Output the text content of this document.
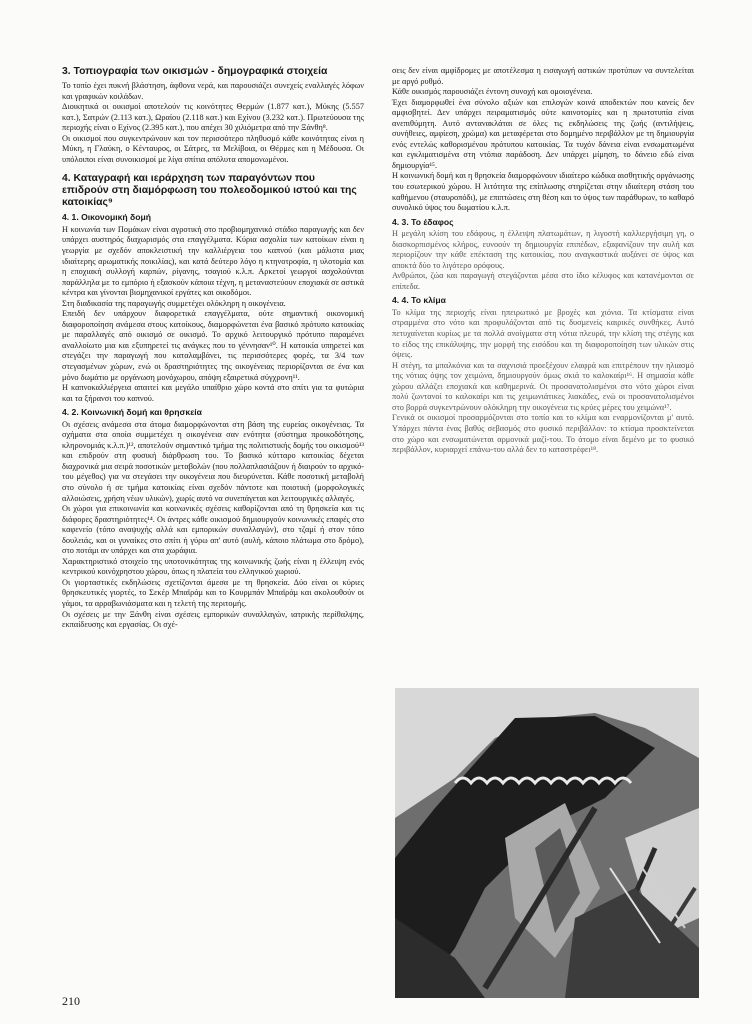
3. Τοπιογραφία των οικισμών - δημογραφικά στοιχεία

Το τοπίο έχει πυκνή βλάστηση, άφθονα νερά, και παρουσιάζει συνεχείς εναλλαγές λόφων και γραφικών κοιλάδων.

Διοικητικά οι οικισμοί αποτελούν τις κοινότητες Θερμών (1.877 κατ.), Μύκης (5.557 κατ.), Σατρών (2.113 κατ.), Ωραίου (2.118 κατ.) και Εχίνου (3.232 κατ.). Πρωτεύουσα της περιοχής είναι ο Εχίνος (2.395 κατ.), που απέχει 30 χιλιόμετρα από την Ξάνθη⁸.

Οι οικισμοί που συγκεντρώνουν και τον περισσότερο πληθυσμό κάθε κοινότητας είναι η Μύκη, η Γλαύκη, ο Κένταυρος, οι Σάτρες, τα Μελίβοια, οι Θέρμες και η Μέδουσα. Οι υπόλοιποι είναι συνοικισμοί με λίγα σπίτια απόλυτα απομονωμένοι.

4. Καταγραφή και ιεράρχηση των παραγόντων που επιδρούν στη διαμόρφωση του πολεοδομικού ιστού και της κατοικίας⁹
4. 1. Οικονομική δομή

Η κοινωνία των Πομάκων είναι αγροτική στο προβιομηχανικό στάδιο παραγωγής και δεν υπάρχει αυστηρός διαχωρισμός στα επαγγέλματα. Κύρια ασχολία των κατοίκων είναι η γεωργία με σχεδόν αποκλειστική την καλλιέργεια του καπνού (και μάλιστα μιας ιδιαίτερης αρωματικής ποικιλίας), και κατά δεύτερο λόγο η κτηνοτροφία, η υλοτομία και η εποχιακή συλλογή καρπών, ρίγανης, τσαγιού κ.λ.π. Αρκετοί γεωργοί ασχολούνται παράλληλα με το εμπόριο ή εξασκούν κάποια τέχνη, η μεταναστεύουν εποχιακά σε αστικά κέντρα και γίνονται βιομηχανικοί εργάτες και οικοδόμοι.

Στη διαδικασία της παραγωγής συμμετέχει ολόκληρη η οικογένεια.

Επειδή δεν υπάρχουν διαφορετικά επαγγέλματα, ούτε σημαντική οικονομική διαφοροποίηση ανάμεσα στους κατοίκους, διαμορφώνεται ένα βασικό πρότυπο κατοικίας με παραλλαγές από οικισμό σε οικισμό. Το αρχικό λειτουργικό πρότυπο παραμένει αναλλοίωτο μια και εξυπηρετεί τις ανάγκες που το γέννησαν¹⁰. Η κατοικία υπηρετεί και στεγάζει την παραγωγή που καταλαμβάνει, τις περισσότερες φορές, τα 3/4 των στεγασμένων χώρων, ενώ οι δραστηριότητες της οικογένειας περιορίζονται σε ένα και μόνο δωμάτιο με οργάνωση μονόχωρου, απόψη εξαιρετικά σύγχρονη¹¹.

Η καπνοκαλλιέργεια απαιτεί και μεγάλο υπαίθριο χώρο κοντά στο σπίτι για τα φυτώρια και τα ξήρανσι του καπνού.

4. 2. Κοινωνική δομή και θρησκεία

Οι σχέσεις ανάμεσα στα άτομα διαμορφώνονται στη βάση της ευρείας οικογένειας. Τα σχήματα στα οποία συμμετέχει η οικογένεια σαν ενότητα (σύστημα προικοδότησης, κληρονομιάς κ.λ.π.)¹², αποτελούν σημαντικό τμήμα της πολιτιστικής δομής του οικισμού¹³ και επιδρούν στη φυσική διάρθρωση του. Το βασικό κύτταρο κατοικίας δέχεται διαχρονικά μια σειρά ποσοτικών μεταβολών (που πολλαπλασιάζουν ή διαιρούν το αρχικό-του μέγεθος) για να στεγάσει την οικογένεια που διευρύνεται. Κάθε ποσοτική μεταβολή στο σύνολο ή σε τμήμα κατοικίας είναι σχεδόν πάντοτε και ποιοτική (μορφολογικές αλλοιώσεις, χρήση νέων υλικών), χωρίς αυτό να συνεπάγεται και λειτουργικές αλλαγές.

Οι χώροι για επικοινωνία και κοινωνικές σχέσεις καθορίζονται από τη θρησκεία και τις διάφορες δραστηριότητες¹⁴. Οι άντρες κάθε οικισμού δημιουργούν κοινωνικές επαφές στο καφενείο (τόπο αναψυχής αλλά και εμπορικών συναλλαγών), στο τζαμί ή στον τόπο δουλειάς, και οι γυναίκες στο σπίτι ή γύρω απ' αυτό (αυλή, κάποιο πλάτωμα στο δρόμο), στο ποτάμι αν υπάρχει και στα χωράφια.

Χαρακτηριστικό στοιχείο της υποτονικότητας της κοινωνικής ζωής είναι η έλλειψη ενός κεντρικού κοινόχρηστου χώρου, όπως η πλατεία του ελληνικού χωριού.

Οι γιορταστικές εκδηλώσεις σχετίζονται άμεσα με τη θρησκεία. Δύο είναι οι κύριες θρησκευτικές γιορτές, το Σεκέρ Μπαϊράμ και το Κουρμπάν Μπαϊράμ και ακολουθούν οι γάμοι, τα αρραβωνιάσματα και η τελετή της περιτομής.

Οι σχέσεις με την Ξάνθη είναι σχέσεις εμπορικών συναλλαγών, ιατρικής περίθαλψης, εκπαίδευσης και εργασίας. Οι σχέ-

σεις δεν είναι αμφίδρομες με αποτέλεσμα η εισαγωγή αστικών προτύπων να συντελείται με αργό ρυθμό.

Κάθε οικισμός παρουσιάζει έντονη συνοχή και ομοιογένεια.

Έχει διαμορφωθεί ένα σύνολο αξιών και επιλογών κοινά αποδεκτών που κανείς δεν αμφισβητεί. Δεν υπάρχει πειραματισμός ούτε καινοτομίες και η πρωτοτυπία είναι ανεπιθύμητη. Αυτό αντανακλάται σε όλες τις εκδηλώσεις της ζωής (αντιλήψεις, συνήθειες, αμφίεση, χρώμα) και μεταφέρεται στο δομημένο περιβάλλον με τη δημιουργία ενός εντελώς καθορισμένου πρότυπου κατοικίας. Τα τυχόν δάνεια είναι ενσωματωμένα και εγκλιματισμένα στη ντόπια παράδοση. Δεν υπάρχει μίμηση, το δάνειο εδώ είναι δημιουργία¹⁵.

Η κοινωνική δομή και η θρησκεία διαμορφώνουν ιδιαίτερο κώδικα αισθητικής οργάνωσης του εσωτερικού χώρου. Η λιτότητα της επίπλωσης στηρίζεται στην ιδιαίτερη στάση του καθήμενου (σταυροπόδι), με επιπτώσεις στη θέση και το ύψος των παράθυρων, το καθαρό συνολικό ύψος του δωματίου κ.λ.π.

4. 3. Το έδαφος

Η μεγάλη κλίση του εδάφους, η έλλειψη πλατωμάτων, η λιγοστή καλλιεργήσιμη γη, ο διασκορπισμένος κλήρος, ευνοούν τη δημιουργία επιπέδων, εξαφανίζουν την αυλή και περιορίζουν την κάθε επέκταση της κατοικίας, που αναγκαστικά αυξάνει σε ύψος και αποκτά δύο το λιγότερο ορόφους.

Ανθρώποι, ζώα και παραγωγή στεγάζονται μέσα στο ίδιο κέλυφος και κατανέμονται σε επίπεδα.

4. 4. Το κλίμα

Το κλίμα της περιοχής είναι ηπειρωτικό με βροχές και χιόνια. Τα κτίσματα είναι στραμμένα στο νότο και προφυλάζονται από τις δυσμενείς καιρικές συνθήκες. Αυτό πετυχαίνεται κυρίως με τα πολλά ανοίγματα στη νότια πλευρά, την κλίση της στέγης και το είδος της επικάλυψης, την μορφή της εισόδου και τη διαφοροποίηση των υλικών στις όψεις.

Η στέγη, τα μπαλκόνια και τα σαχνισιά προεξέχουν ελαφρά και επιτρέπουν την ηλιασμό της νότιας όψης τον χειμώνα, δημιουργούν όμως σκιά το καλοκαίρι¹⁶. Η σημασία κάθε χώρου αλλάζει εποχιακά και καθημερινά. Οι προσανατολισμένοι στο νότο χώροι είναι πολύ ζωντανοί το καλοκαίρι και τις χειμωνιάτικες λιακάδες, ενώ οι προσανατολισμένοι στο βορρά συγκεντρώνουν ολόκληρη την οικογένεια τις κρύες μέρες του χειμώνα¹⁷.

Γενικά οι οικισμοί προσαρμόζονται στο τοπίο και το κλίμα και εναρμονίζονται μ' αυτό. Υπάρχει πάντα ένας βαθύς σεβασμός στο φυσικό περιβάλλον: το κτίσμα προσκτείνεται στο χώρο και ενσωματώνεται αρμονικά μαζί-του. Το άτομο είναι δεμένο με το φυσικό περιβάλλον, κυριαρχεί επάνω-του αλλά δεν το καταστρέφει¹⁸.

210
